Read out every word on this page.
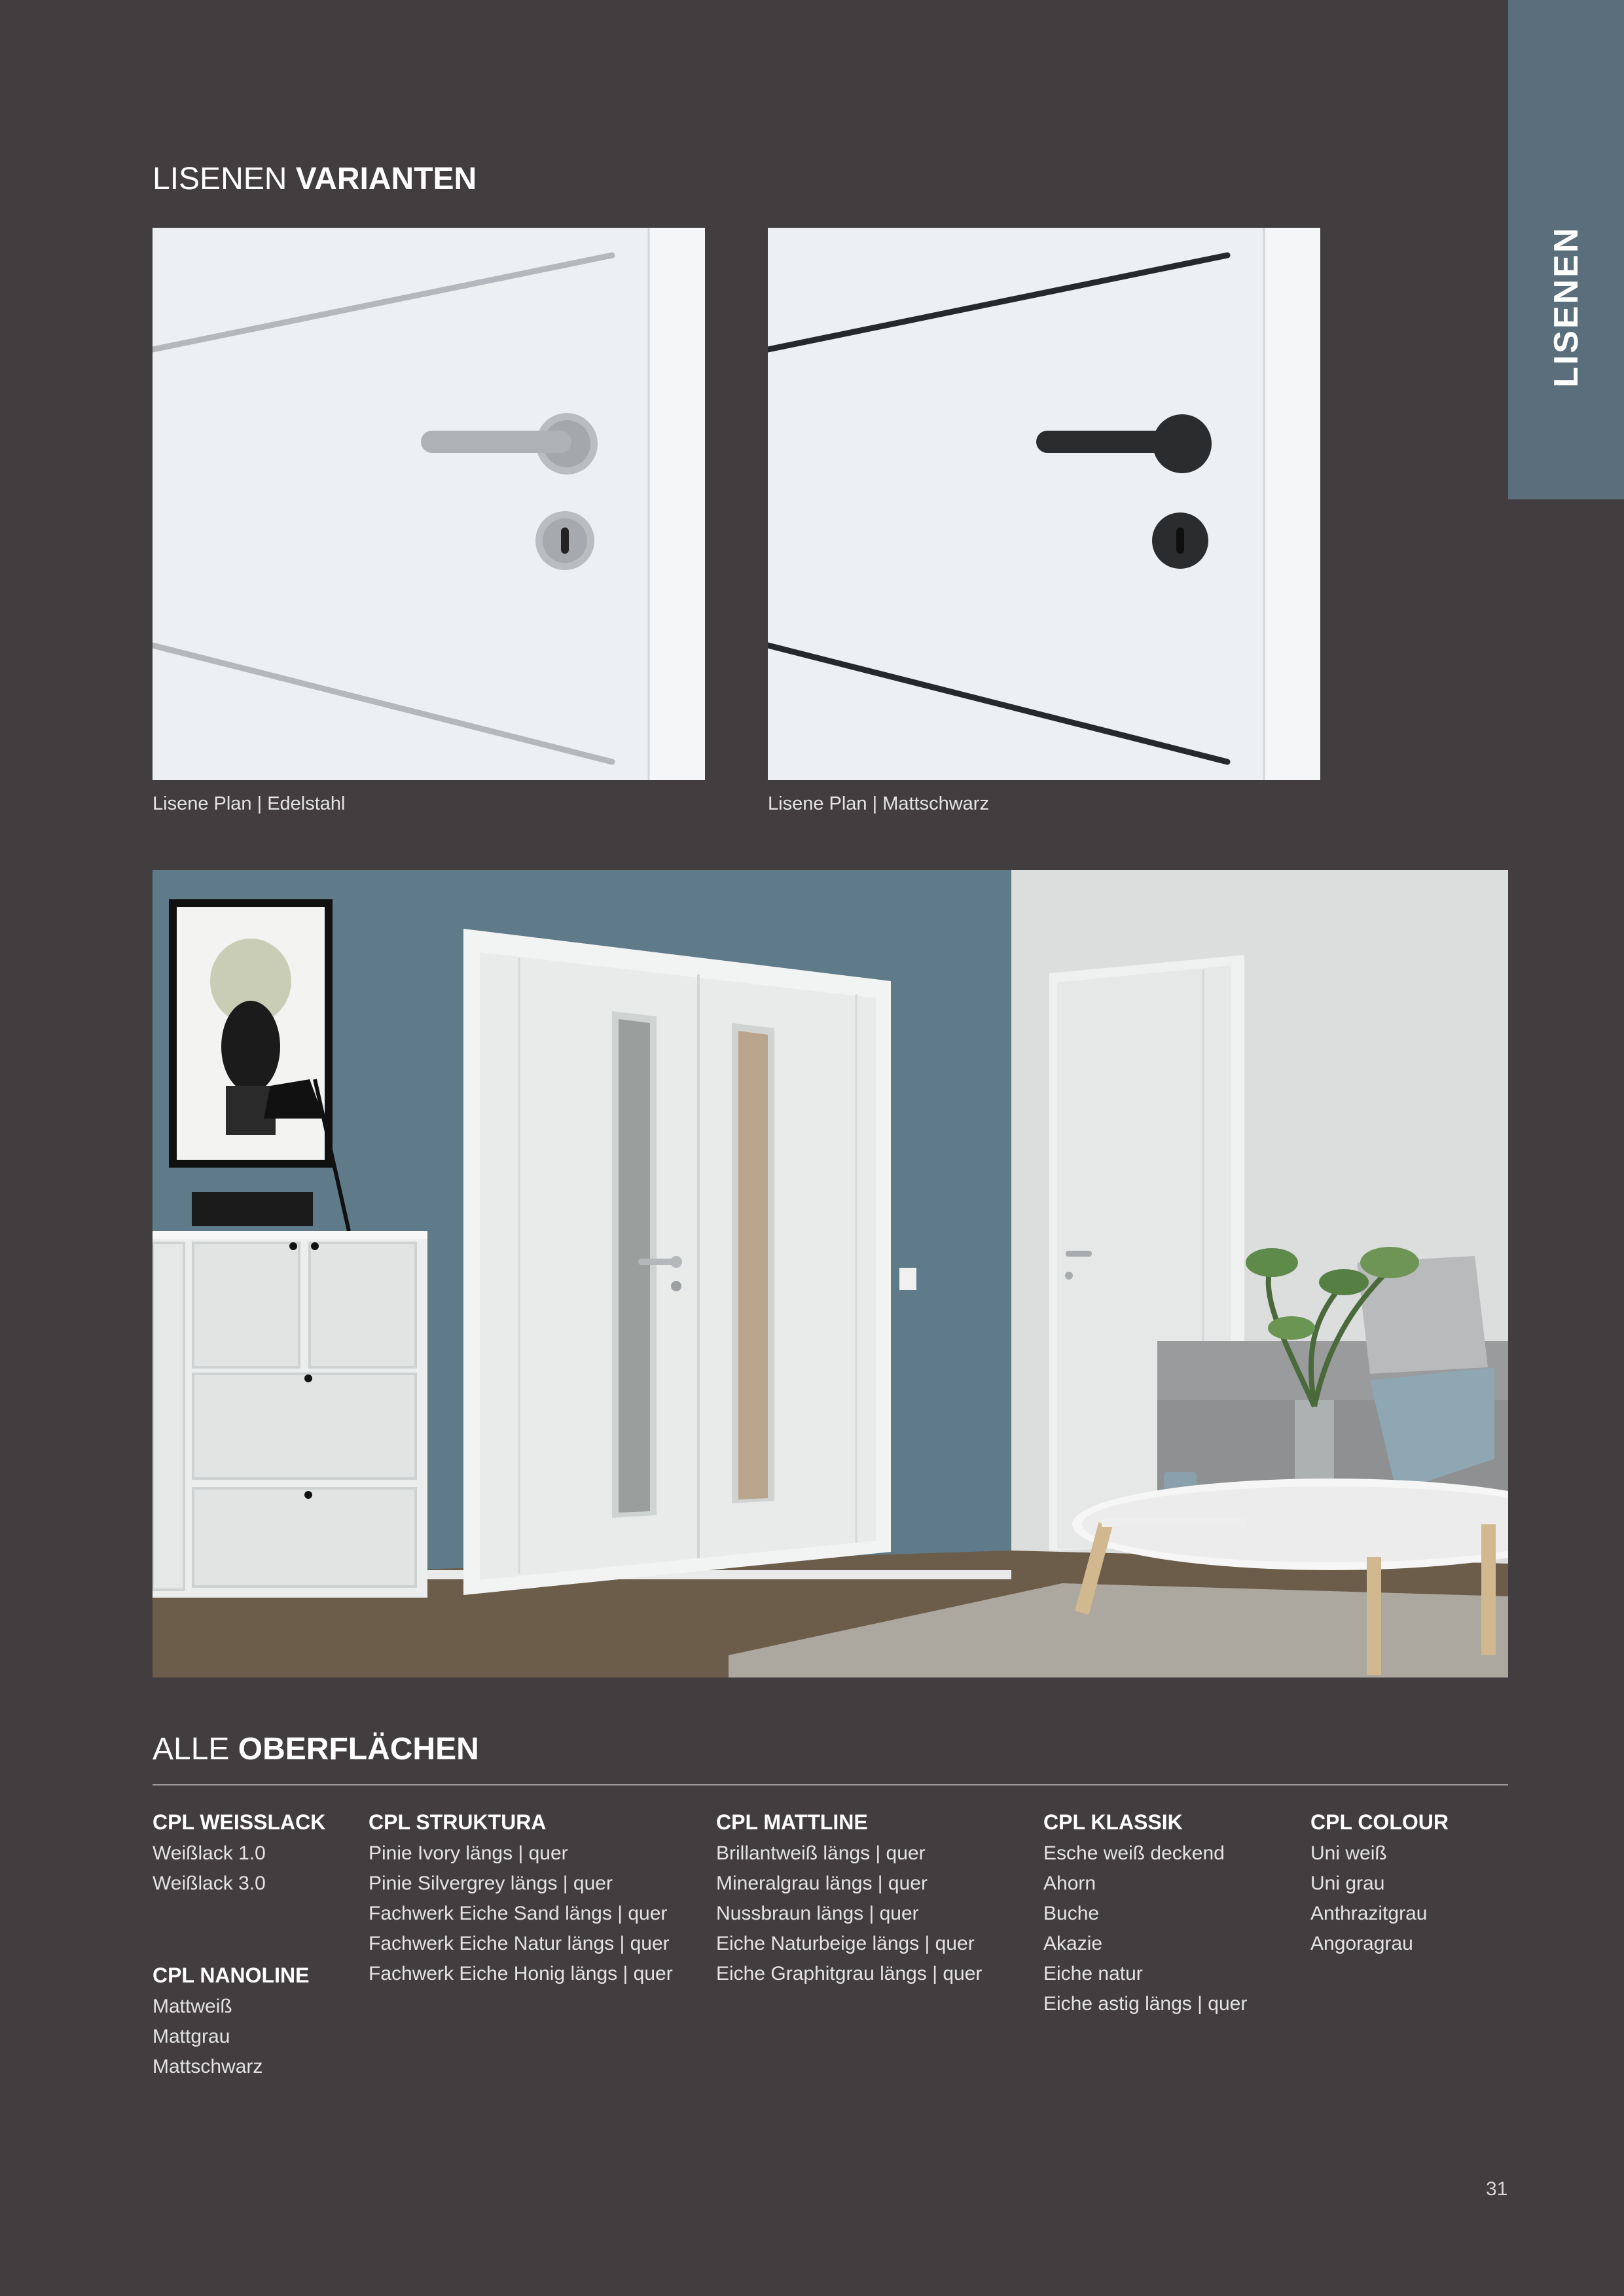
LISENEN
LISENEN VARIANTEN
Lisene Plan | Edelstahl	Lisene Plan | Mattschwarz
ALLE OBERFLÄCHEN
CPL WEISSLACK
Weißlack 1.0
Weißlack 3.0
CPL NANOLINE
Mattweiß
Mattgrau
Mattschwarz
CPL STRUKTURA
Pinie Ivory längs | quer
Pinie Silvergrey längs | quer
Fachwerk Eiche Sand längs | quer
Fachwerk Eiche Natur längs | quer
Fachwerk Eiche Honig längs | quer
CPL MATTLINE
Brillantweiß längs | quer
Mineralgrau längs | quer
Nussbraun längs | quer
Eiche Naturbeige längs | quer
Eiche Graphitgrau längs | quer
CPL KLASSIK
Esche weiß deckend
Ahorn
Buche
Akazie
Eiche natur
Eiche astig längs | quer
CPL COLOUR
Uni weiß
Uni grau
Anthrazitgrau
Angoragrau
31
